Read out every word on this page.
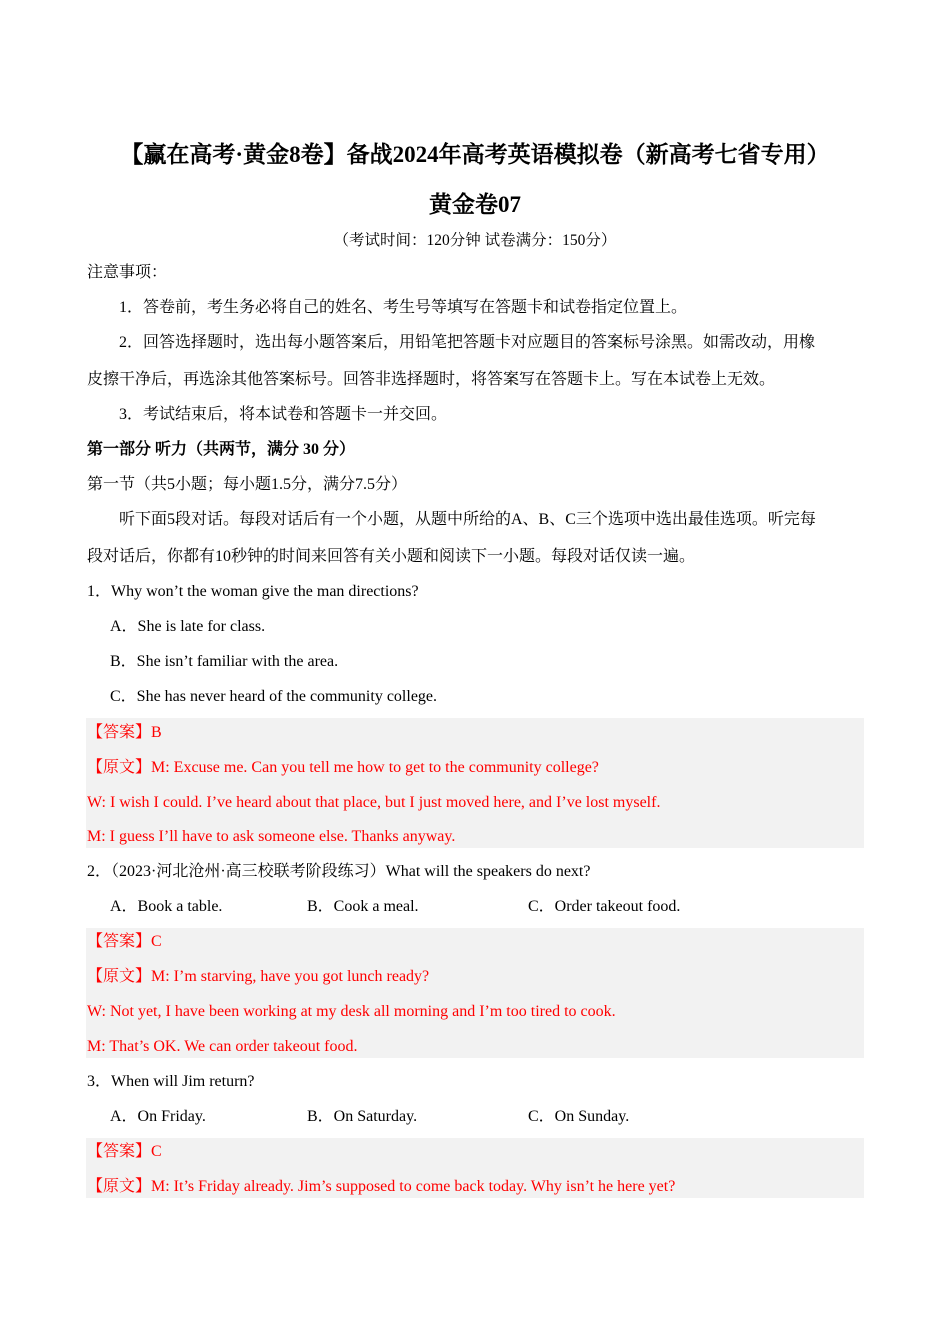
【赢在高考·黄金8卷】备战2024年高考英语模拟卷（新高考七省专用）
黄金卷07
（考试时间：120分钟 试卷满分：150分）
注意事项：
1．答卷前，考生务必将自己的姓名、考生号等填写在答题卡和试卷指定位置上。
2．回答选择题时，选出每小题答案后，用铅笔把答题卡对应题目的答案标号涂黑。如需改动，用橡
皮擦干净后，再选涂其他答案标号。回答非选择题时，将答案写在答题卡上。写在本试卷上无效。
3．考试结束后，将本试卷和答题卡一并交回。
第一部分 听力（共两节，满分 30 分）
第一节（共5小题；每小题1.5分，满分7.5分）
听下面5段对话。每段对话后有一个小题，从题中所给的A、B、C三个选项中选出最佳选项。听完每
段对话后，你都有10秒钟的时间来回答有关小题和阅读下一小题。每段对话仅读一遍。
1．Why won’t the woman give the man directions?
A．She is late for class.
B．She isn’t familiar with the area.
C．She has never heard of the community college.
【答案】B
【原文】M: Excuse me. Can you tell me how to get to the community college?
W: I wish I could. I’ve heard about that place, but I just moved here, and I’ve lost myself.
M: I guess I’ll have to ask someone else. Thanks anyway.
2．（2023·河北沧州·高三校联考阶段练习）What will the speakers do next?
A．Book a table.	B．Cook a meal.	C．Order takeout food.
【答案】C
【原文】M: I’m starving, have you got lunch ready?
W: Not yet, I have been working at my desk all morning and I’m too tired to cook.
M: That’s OK. We can order takeout food.
3．When will Jim return?
A．On Friday.	B．On Saturday.	C．On Sunday.
【答案】C
【原文】M: It’s Friday already. Jim’s supposed to come back today. Why isn’t he here yet?
